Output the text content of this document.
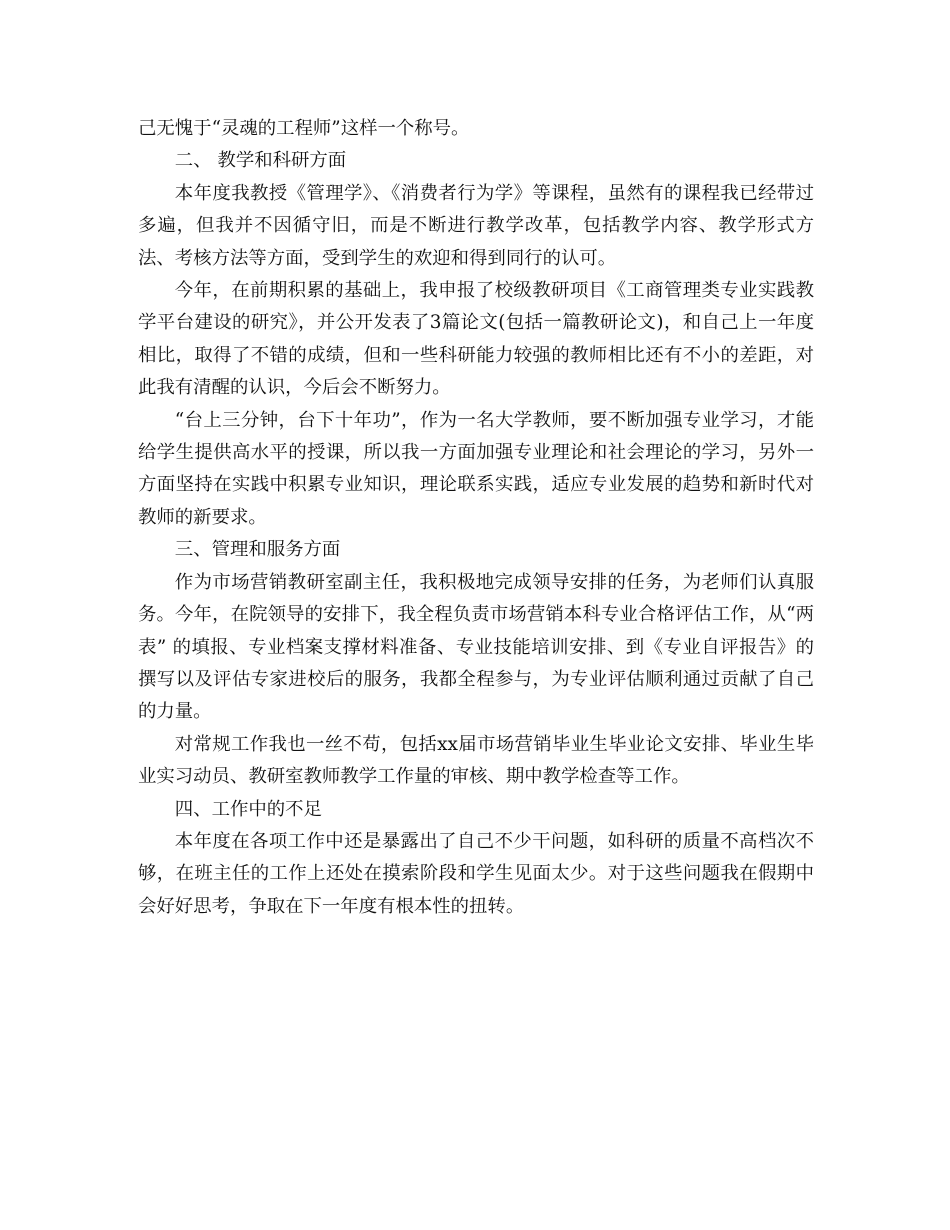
己无愧于“灵魂的工程师”这样一个称号。

二、 教学和科研方面

本年度我教授《管理学》、《消费者行为学》等课程，虽然有的课程我已经带过多遍，但我并不因循守旧，而是不断进行教学改革，包括教学内容、教学形式方法、考核方法等方面，受到学生的欢迎和得到同行的认可。

今年，在前期积累的基础上，我申报了校级教研项目《工商管理类专业实践教学平台建设的研究》，并公开发表了3篇论文(包括一篇教研论文)，和自己上一年度相比，取得了不错的成绩，但和一些科研能力较强的教师相比还有不小的差距，对此我有清醒的认识，今后会不断努力。

“台上三分钟，台下十年功”，作为一名大学教师，要不断加强专业学习，才能给学生提供高水平的授课，所以我一方面加强专业理论和社会理论的学习，另外一方面坚持在实践中积累专业知识，理论联系实践，适应专业发展的趋势和新时代对教师的新要求。

三、管理和服务方面

作为市场营销教研室副主任，我积极地完成领导安排的任务，为老师们认真服务。今年，在院领导的安排下，我全程负责市场营销本科专业合格评估工作，从“两表” 的填报、专业档案支撑材料准备、专业技能培训安排、到《专业自评报告》的撰写以及评估专家进校后的服务，我都全程参与，为专业评估顺利通过贡献了自己的力量。

对常规工作我也一丝不苟，包括xx届市场营销毕业生毕业论文安排、毕业生毕业实习动员、教研室教师教学工作量的审核、期中教学检查等工作。

四、工作中的不足

本年度在各项工作中还是暴露出了自己不少干问题，如科研的质量不高档次不够，在班主任的工作上还处在摸索阶段和学生见面太少。对于这些问题我在假期中会好好思考，争取在下一年度有根本性的扭转。
